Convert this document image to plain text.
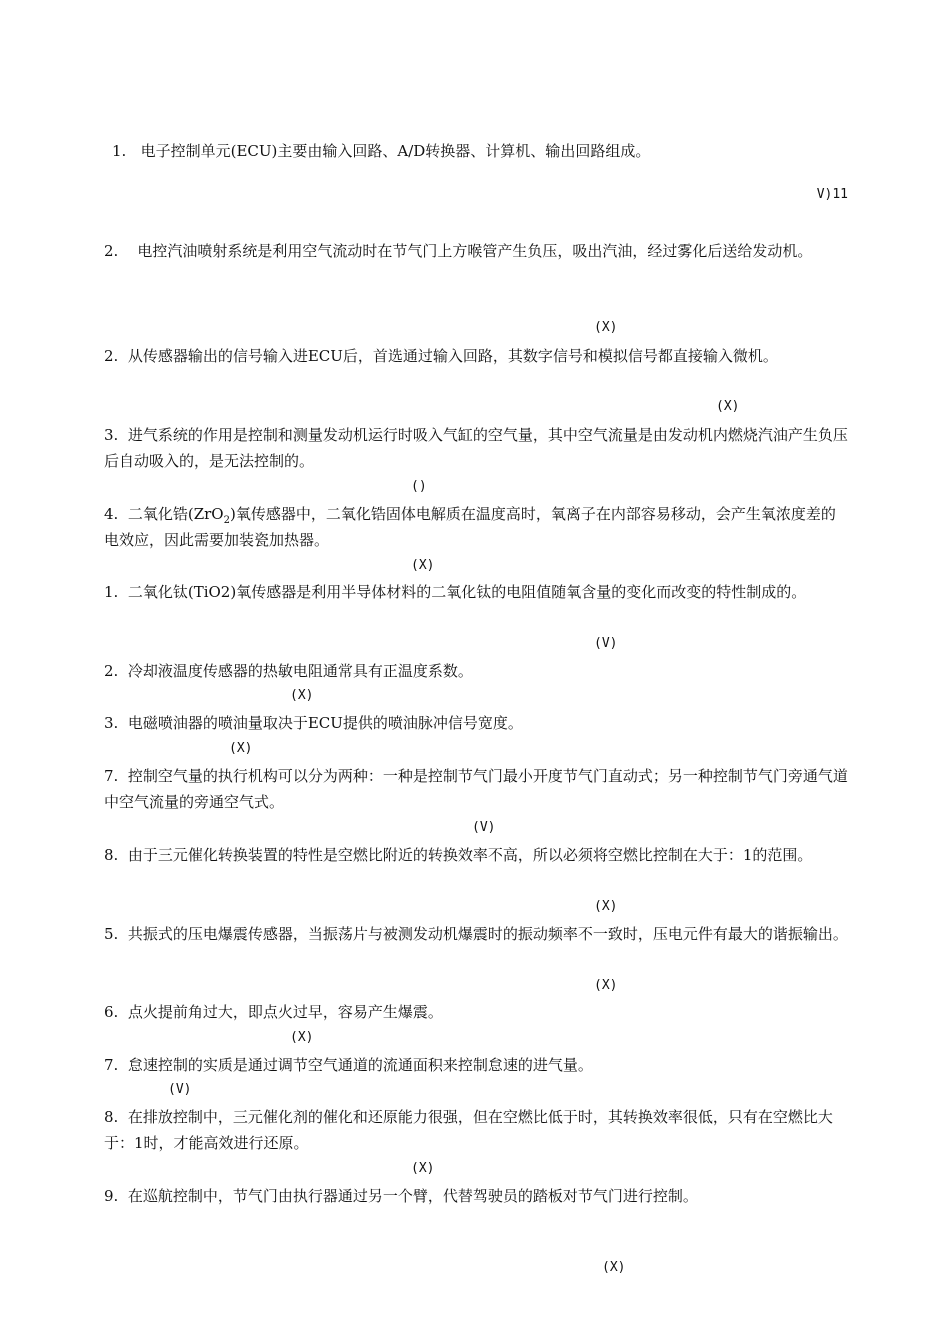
1. 电子控制单元(ECU)主要由输入回路、A/D转换器、计算机、输出回路组成。

V)11

2. 电控汽油喷射系统是利用空气流动时在节气门上方喉管产生负压，吸出汽油，经过雾化后送给发动机。

(X)

2. 从传感器输出的信号输入进ECU后，首选通过输入回路，其数字信号和模拟信号都直接输入微机。

(X)

3. 进气系统的作用是控制和测量发动机运行时吸入气缸的空气量，其中空气流量是由发动机内燃烧汽油产生负压后自动吸入的，是无法控制的。

()

4. 二氧化锆(ZrO$_2$)氧传感器中，二氧化锆固体电解质在温度高时，氧离子在内部容易移动，会产生氧浓度差的电效应，因此需要加装瓷加热器。

(X)

1. 二氧化钛(TiO2)氧传感器是利用半导体材料的二氧化钛的电阻值随氧含量的变化而改变的特性制成的。

(V)

2. 冷却液温度传感器的热敏电阻通常具有正温度系数。

(X)

3. 电磁喷油器的喷油量取决于ECU提供的喷油脉冲信号宽度。

(X)

7. 控制空气量的执行机构可以分为两种：一种是控制节气门最小开度节气门直动式；另一种控制节气门旁通气道中空气流量的旁通空气式。

(V)

8. 由于三元催化转换装置的特性是空燃比附近的转换效率不高，所以必须将空燃比控制在大于：1的范围。

(X)

5. 共振式的压电爆震传感器，当振荡片与被测发动机爆震时的振动频率不一致时，压电元件有最大的谐振输出。

(X)

6. 点火提前角过大，即点火过早，容易产生爆震。

(X)

7. 怠速控制的实质是通过调节空气通道的流通面积来控制怠速的进气量。

(V)

8. 在排放控制中，三元催化剂的催化和还原能力很强，但在空燃比低于时，其转换效率很低，只有在空燃比大于：1时，才能高效进行还原。

(X)

9. 在巡航控制中，节气门由执行器通过另一个臂，代替驾驶员的踏板对节气门进行控制。

(X)
